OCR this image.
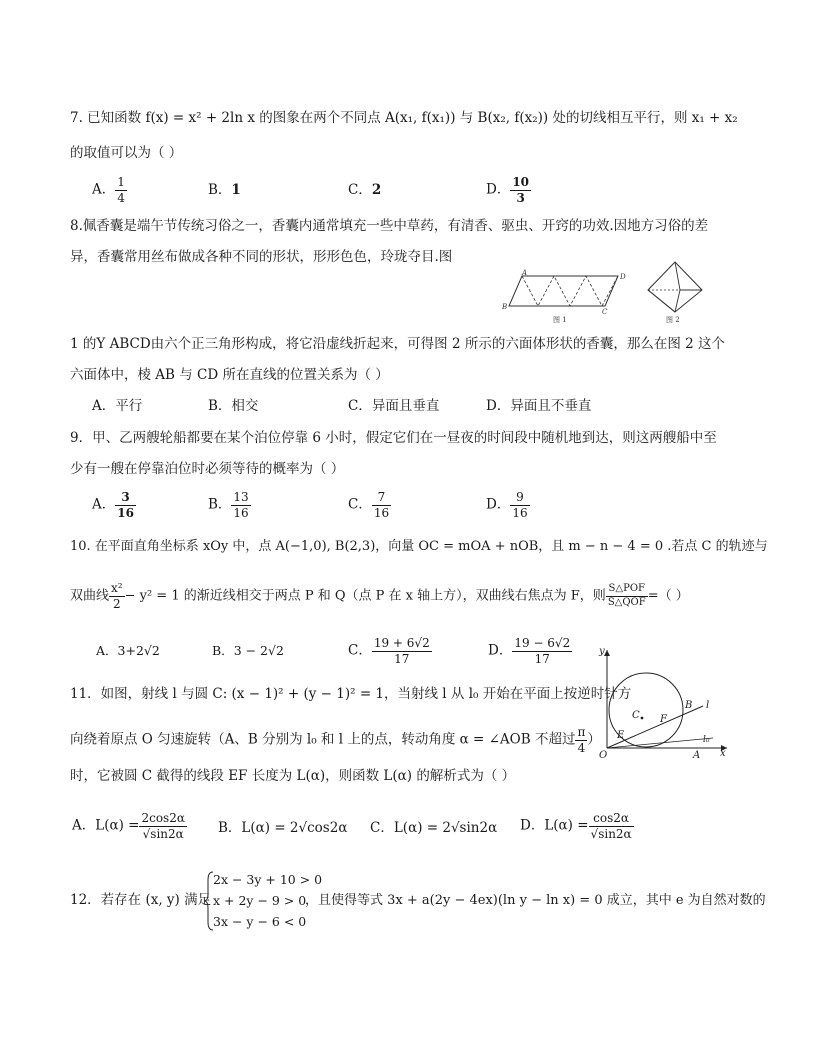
7. 已知函数 f(x) = x² + 2ln x 的图象在两个不同点 A(x₁, f(x₁)) 与 B(x₂, f(x₂)) 处的切线相互平行，则 x₁ + x₂
的取值可以为（ ）
A． $\frac{1}{4}$	B．1	C．2	D． $\frac{10}{3}$
8.佩香囊是端午节传统习俗之一，香囊内通常填充一些中草药，有清香、驱虫、开窍的功效.因地方习俗的差
异，香囊常用丝布做成各种不同的形状，形形色色，玲珑夺目.图
A
B
C
D
图 1	图 2
1 的Y ABCD由六个正三角形构成，将它沿虚线折起来，可得图 2 所示的六面体形状的香囊，那么在图 2 这个
六面体中，棱 AB 与 CD 所在直线的位置关系为（ ）
A．平行	B．相交	C．异面且垂直	D．异面且不垂直
9．甲、乙两艘轮船都要在某个泊位停靠 6 小时，假定它们在一昼夜的时间段中随机地到达，则这两艘船中至
少有一艘在停靠泊位时必须等待的概率为（ ）
A． $\frac{3}{16}$	B． $\frac{13}{16}$	C． $\frac{7}{16}$	D． $\frac{9}{16}$
10. 在平面直角坐标系 xOy 中，点 A(−1,0), B(2,3)，向量 OC = mOA + nOB，且 m − n − 4 = 0 .若点 C 的轨迹与
双曲线 $\frac{\text{x²}}{2} - y^2 = 1$ 的渐近线相交于两点 P 和 Q（点 P 在 x 轴上方），双曲线右焦点为 F，则 $\frac{\text{S△POF}}{\text{S△QOF}}$ =（ ）
A．3+2√2	B．3 − 2√2	C． $\frac{19 + 6√2}{17}$	D． $\frac{19 - 6√2}{17}$	y
x
O	A
B l
l₀
C
E
F
11．如图，射线 l 与圆 C: (x − 1)² + (y − 1)² = 1，当射线 l 从 l₀ 开始在平面上按逆时针方
向绕着原点 O 匀速旋转（A、B 分别为 l₀ 和 l 上的点，转动角度 α = ∠AOB 不超过 $\frac{\pi}{4}$ ）
时，它被圆 C 截得的线段 EF 长度为 L(α)，则函数 L(α) 的解析式为（ ）
A．$L(\alpha) = \frac{2\cos 2\alpha}{√\sin 2\alpha}$ B．L(α) = 2√cos2α C．L(α) = 2√sin2α D．$L(\alpha) = \frac{\cos 2\alpha}{√\sin 2\alpha}$
12．若存在 (x, y) 满足
2x − 3y + 10 > 0
x + 2y − 9 > 0
3x − y − 6 < 0
，且使得等式 3x + a(2y − 4ex)(ln y − ln x) = 0 成立，其中 e 为自然对数的
